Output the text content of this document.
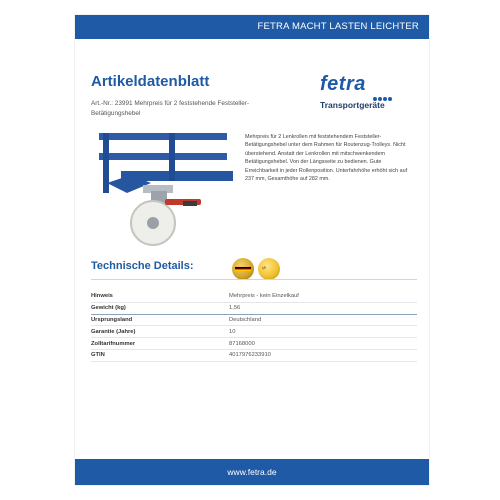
FETRA MACHT LASTEN LEICHTER
Artikeldatenblatt
Art.-Nr.: 23991 Mehrpreis für 2 feststehende Feststeller-Betätigungshebel
fetra
Transportgeräte
Mehrpreis für 2 Lenkrollen mit feststehendem Feststeller-Betätigungshebel unter dem Rahmen für Routenzug-Trolleys. Nicht überstehend. Anstatt der Lenkrollen mit mitschwenkendem Betätigungshebel. Von der Längsseite zu bedienen. Gute Erreichbarkeit in jeder Rollenposition. Unterfahrhöhe erhöht sich auf 237 mm, Gesamthöhe auf 282 mm.
Technische Details:	10
Hinweis	Mehrpreis - kein Einzelkauf
Gewicht (kg)	1,56
Ursprungsland	Deutschland
Garantie (Jahre)	10
Zolltarifnummer	87168000
GTIN	4017976233910
www.fetra.de
